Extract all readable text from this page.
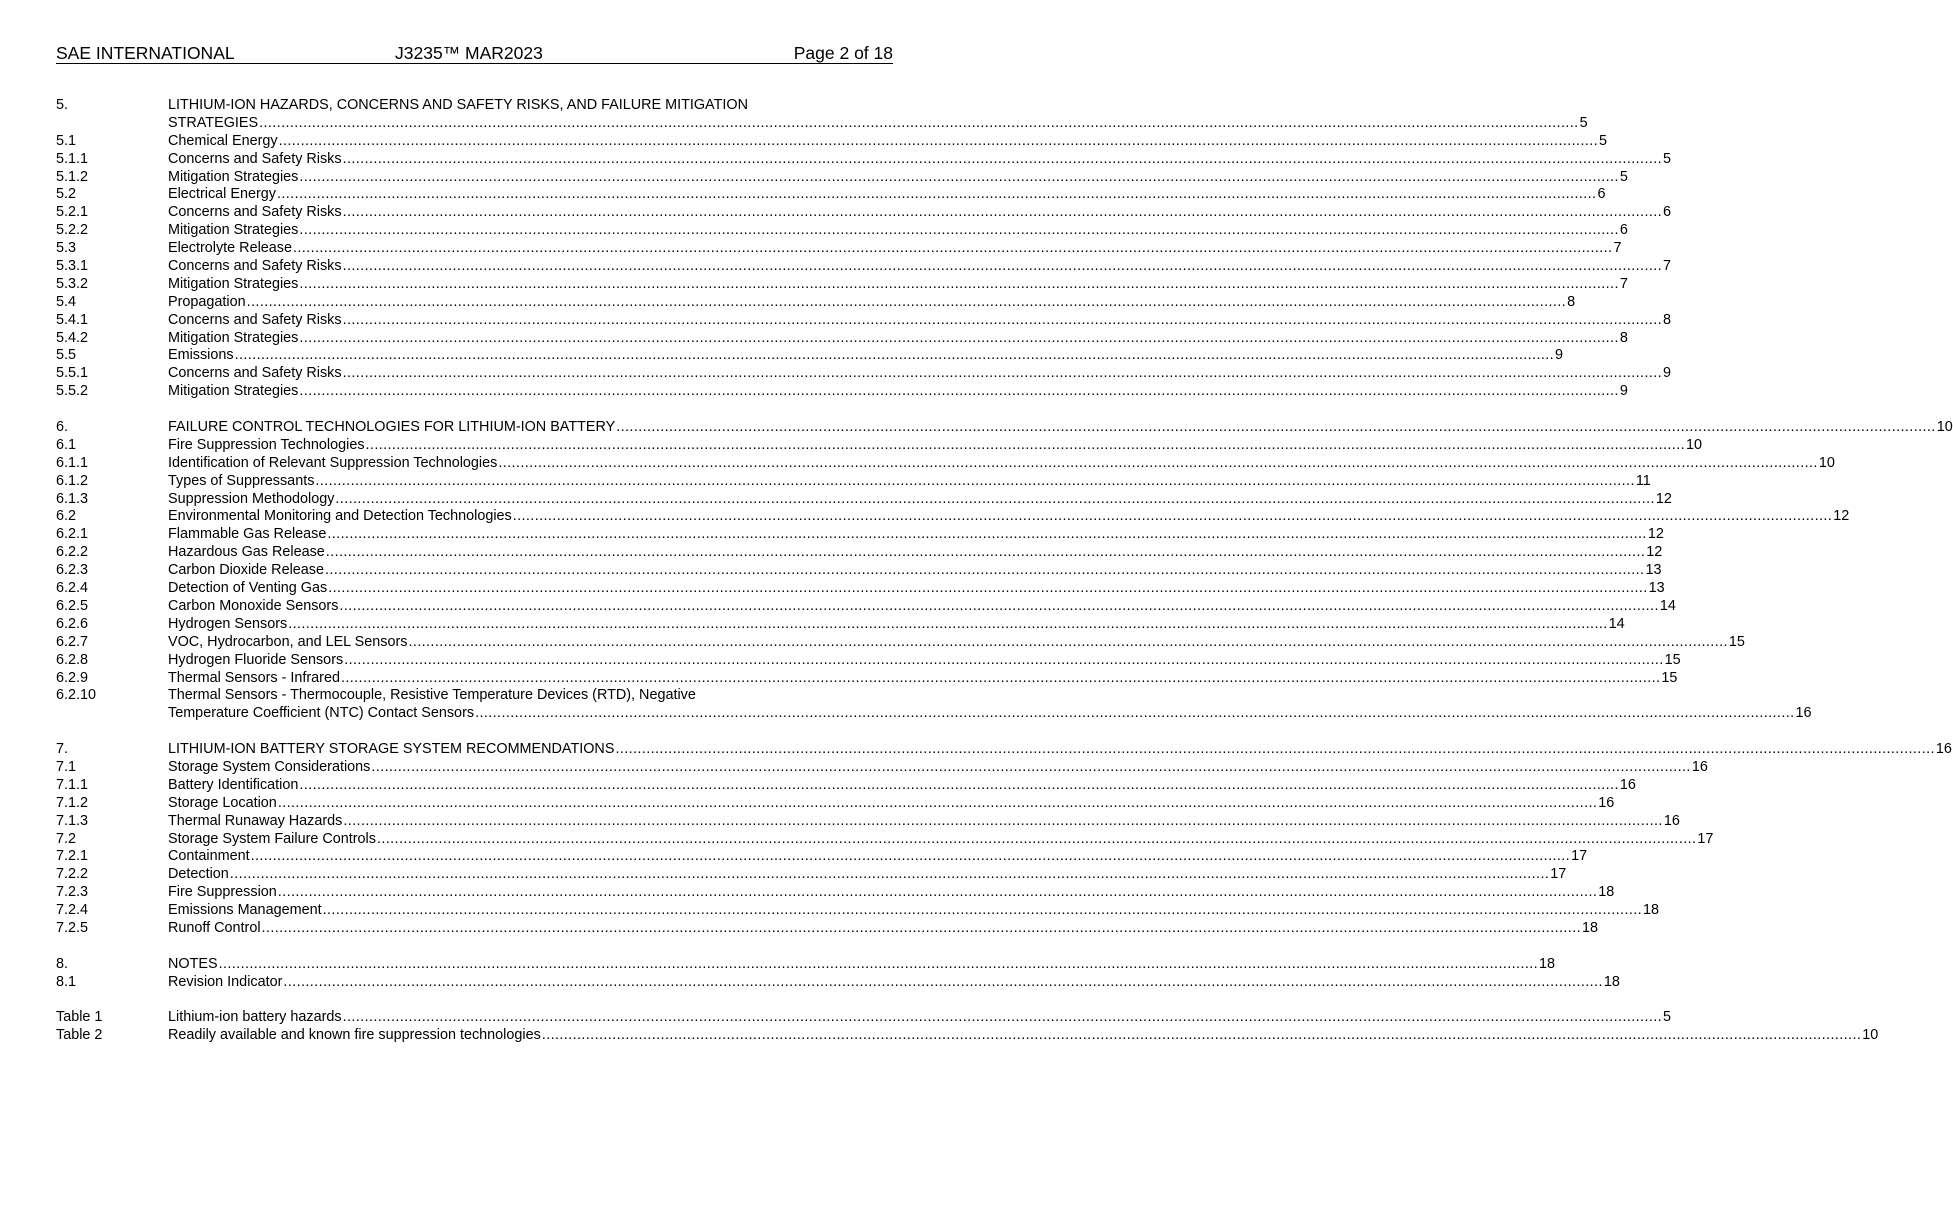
SAE INTERNATIONAL	J3235™ MAR2023	Page 2 of 18
5.	LITHIUM-ION HAZARDS, CONCERNS AND SAFETY RISKS, AND FAILURE MITIGATION
STRATEGIES ............................................................................................................................................................................................................................................................................................................ 5
5.1	Chemical Energy ............................................................................................................................................................................................................................................................................................................ 5
5.1.1	Concerns and Safety Risks ............................................................................................................................................................................................................................................................................................................ 5
5.1.2	Mitigation Strategies ............................................................................................................................................................................................................................................................................................................ 5
5.2	Electrical Energy ............................................................................................................................................................................................................................................................................................................ 6
5.2.1	Concerns and Safety Risks ............................................................................................................................................................................................................................................................................................................ 6
5.2.2	Mitigation Strategies ............................................................................................................................................................................................................................................................................................................ 6
5.3	Electrolyte Release ............................................................................................................................................................................................................................................................................................................ 7
5.3.1	Concerns and Safety Risks ............................................................................................................................................................................................................................................................................................................ 7
5.3.2	Mitigation Strategies ............................................................................................................................................................................................................................................................................................................ 7
5.4	Propagation ............................................................................................................................................................................................................................................................................................................ 8
5.4.1	Concerns and Safety Risks ............................................................................................................................................................................................................................................................................................................ 8
5.4.2	Mitigation Strategies ............................................................................................................................................................................................................................................................................................................ 8
5.5	Emissions ............................................................................................................................................................................................................................................................................................................ 9
5.5.1	Concerns and Safety Risks ............................................................................................................................................................................................................................................................................................................ 9
5.5.2	Mitigation Strategies ............................................................................................................................................................................................................................................................................................................ 9
6.	FAILURE CONTROL TECHNOLOGIES FOR LITHIUM-ION BATTERY ............................................................................................................................................................................................................................................................................................................ 10
6.1	Fire Suppression Technologies ............................................................................................................................................................................................................................................................................................................ 10
6.1.1	Identification of Relevant Suppression Technologies ............................................................................................................................................................................................................................................................................................................ 10
6.1.2	Types of Suppressants ............................................................................................................................................................................................................................................................................................................ 11
6.1.3	Suppression Methodology ............................................................................................................................................................................................................................................................................................................ 12
6.2	Environmental Monitoring and Detection Technologies ............................................................................................................................................................................................................................................................................................................ 12
6.2.1	Flammable Gas Release ............................................................................................................................................................................................................................................................................................................ 12
6.2.2	Hazardous Gas Release ............................................................................................................................................................................................................................................................................................................ 12
6.2.3	Carbon Dioxide Release ............................................................................................................................................................................................................................................................................................................ 13
6.2.4	Detection of Venting Gas ............................................................................................................................................................................................................................................................................................................ 13
6.2.5	Carbon Monoxide Sensors ............................................................................................................................................................................................................................................................................................................ 14
6.2.6	Hydrogen Sensors ............................................................................................................................................................................................................................................................................................................ 14
6.2.7	VOC, Hydrocarbon, and LEL Sensors ............................................................................................................................................................................................................................................................................................................ 15
6.2.8	Hydrogen Fluoride Sensors ............................................................................................................................................................................................................................................................................................................ 15
6.2.9	Thermal Sensors - Infrared ............................................................................................................................................................................................................................................................................................................ 15
6.2.10	Thermal Sensors - Thermocouple, Resistive Temperature Devices (RTD), Negative
Temperature Coefficient (NTC) Contact Sensors ............................................................................................................................................................................................................................................................................................................ 16
7.	LITHIUM-ION BATTERY STORAGE SYSTEM RECOMMENDATIONS ............................................................................................................................................................................................................................................................................................................ 16
7.1	Storage System Considerations ............................................................................................................................................................................................................................................................................................................ 16
7.1.1	Battery Identification ............................................................................................................................................................................................................................................................................................................ 16
7.1.2	Storage Location ............................................................................................................................................................................................................................................................................................................ 16
7.1.3	Thermal Runaway Hazards ............................................................................................................................................................................................................................................................................................................ 16
7.2	Storage System Failure Controls ............................................................................................................................................................................................................................................................................................................ 17
7.2.1	Containment ............................................................................................................................................................................................................................................................................................................ 17
7.2.2	Detection ............................................................................................................................................................................................................................................................................................................ 17
7.2.3	Fire Suppression ............................................................................................................................................................................................................................................................................................................ 18
7.2.4	Emissions Management ............................................................................................................................................................................................................................................................................................................ 18
7.2.5	Runoff Control ............................................................................................................................................................................................................................................................................................................ 18
8.	NOTES ............................................................................................................................................................................................................................................................................................................ 18
8.1	Revision Indicator ............................................................................................................................................................................................................................................................................................................ 18
Table 1	Lithium-ion battery hazards ............................................................................................................................................................................................................................................................................................................ 5
Table 2	Readily available and known fire suppression technologies ............................................................................................................................................................................................................................................................................................................ 10
